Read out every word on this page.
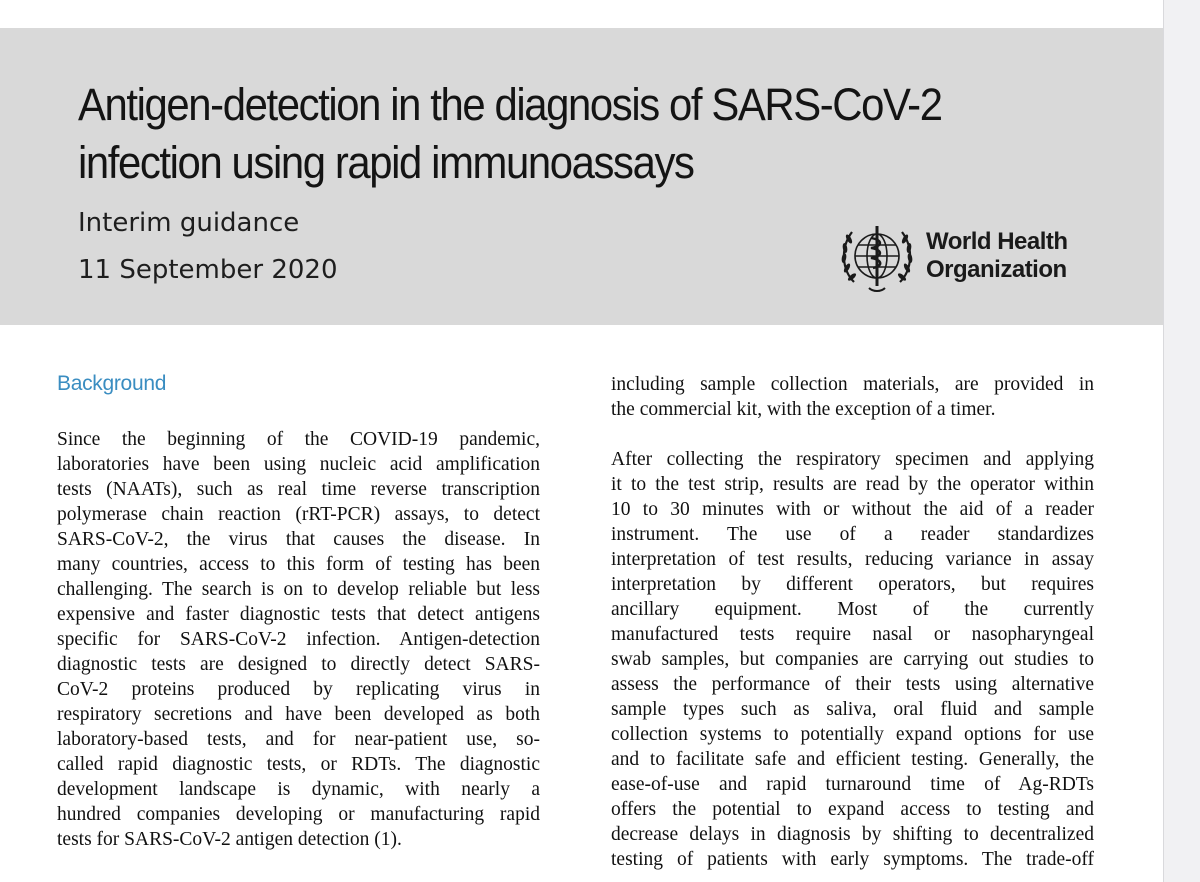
Antigen-detection in the diagnosis of SARS-CoV-2
infection using rapid immunoassays
Interim guidance
11 September 2020
World Health
Organization
Background

Since the beginning of the COVID-19 pandemic,
laboratories have been using nucleic acid amplification
tests (NAATs), such as real time reverse transcription
polymerase chain reaction (rRT-PCR) assays, to detect
SARS-CoV-2, the virus that causes the disease. In
many countries, access to this form of testing has been
challenging. The search is on to develop reliable but less
expensive and faster diagnostic tests that detect antigens
specific for SARS-CoV-2 infection. Antigen-detection
diagnostic tests are designed to directly detect SARS-
CoV-2 proteins produced by replicating virus in
respiratory secretions and have been developed as both
laboratory-based tests, and for near-patient use, so-
called rapid diagnostic tests, or RDTs. The diagnostic
development landscape is dynamic, with nearly a
hundred companies developing or manufacturing rapid
tests for SARS-CoV-2 antigen detection (1).

including sample collection materials, are provided in
the commercial kit, with the exception of a timer.

After collecting the respiratory specimen and applying
it to the test strip, results are read by the operator within
10 to 30 minutes with or without the aid of a reader
instrument. The use of a reader standardizes
interpretation of test results, reducing variance in assay
interpretation by different operators, but requires
ancillary equipment. Most of the currently
manufactured tests require nasal or nasopharyngeal
swab samples, but companies are carrying out studies to
assess the performance of their tests using alternative
sample types such as saliva, oral fluid and sample
collection systems to potentially expand options for use
and to facilitate safe and efficient testing. Generally, the
ease-of-use and rapid turnaround time of Ag-RDTs
offers the potential to expand access to testing and
decrease delays in diagnosis by shifting to decentralized
testing of patients with early symptoms. The trade-off
